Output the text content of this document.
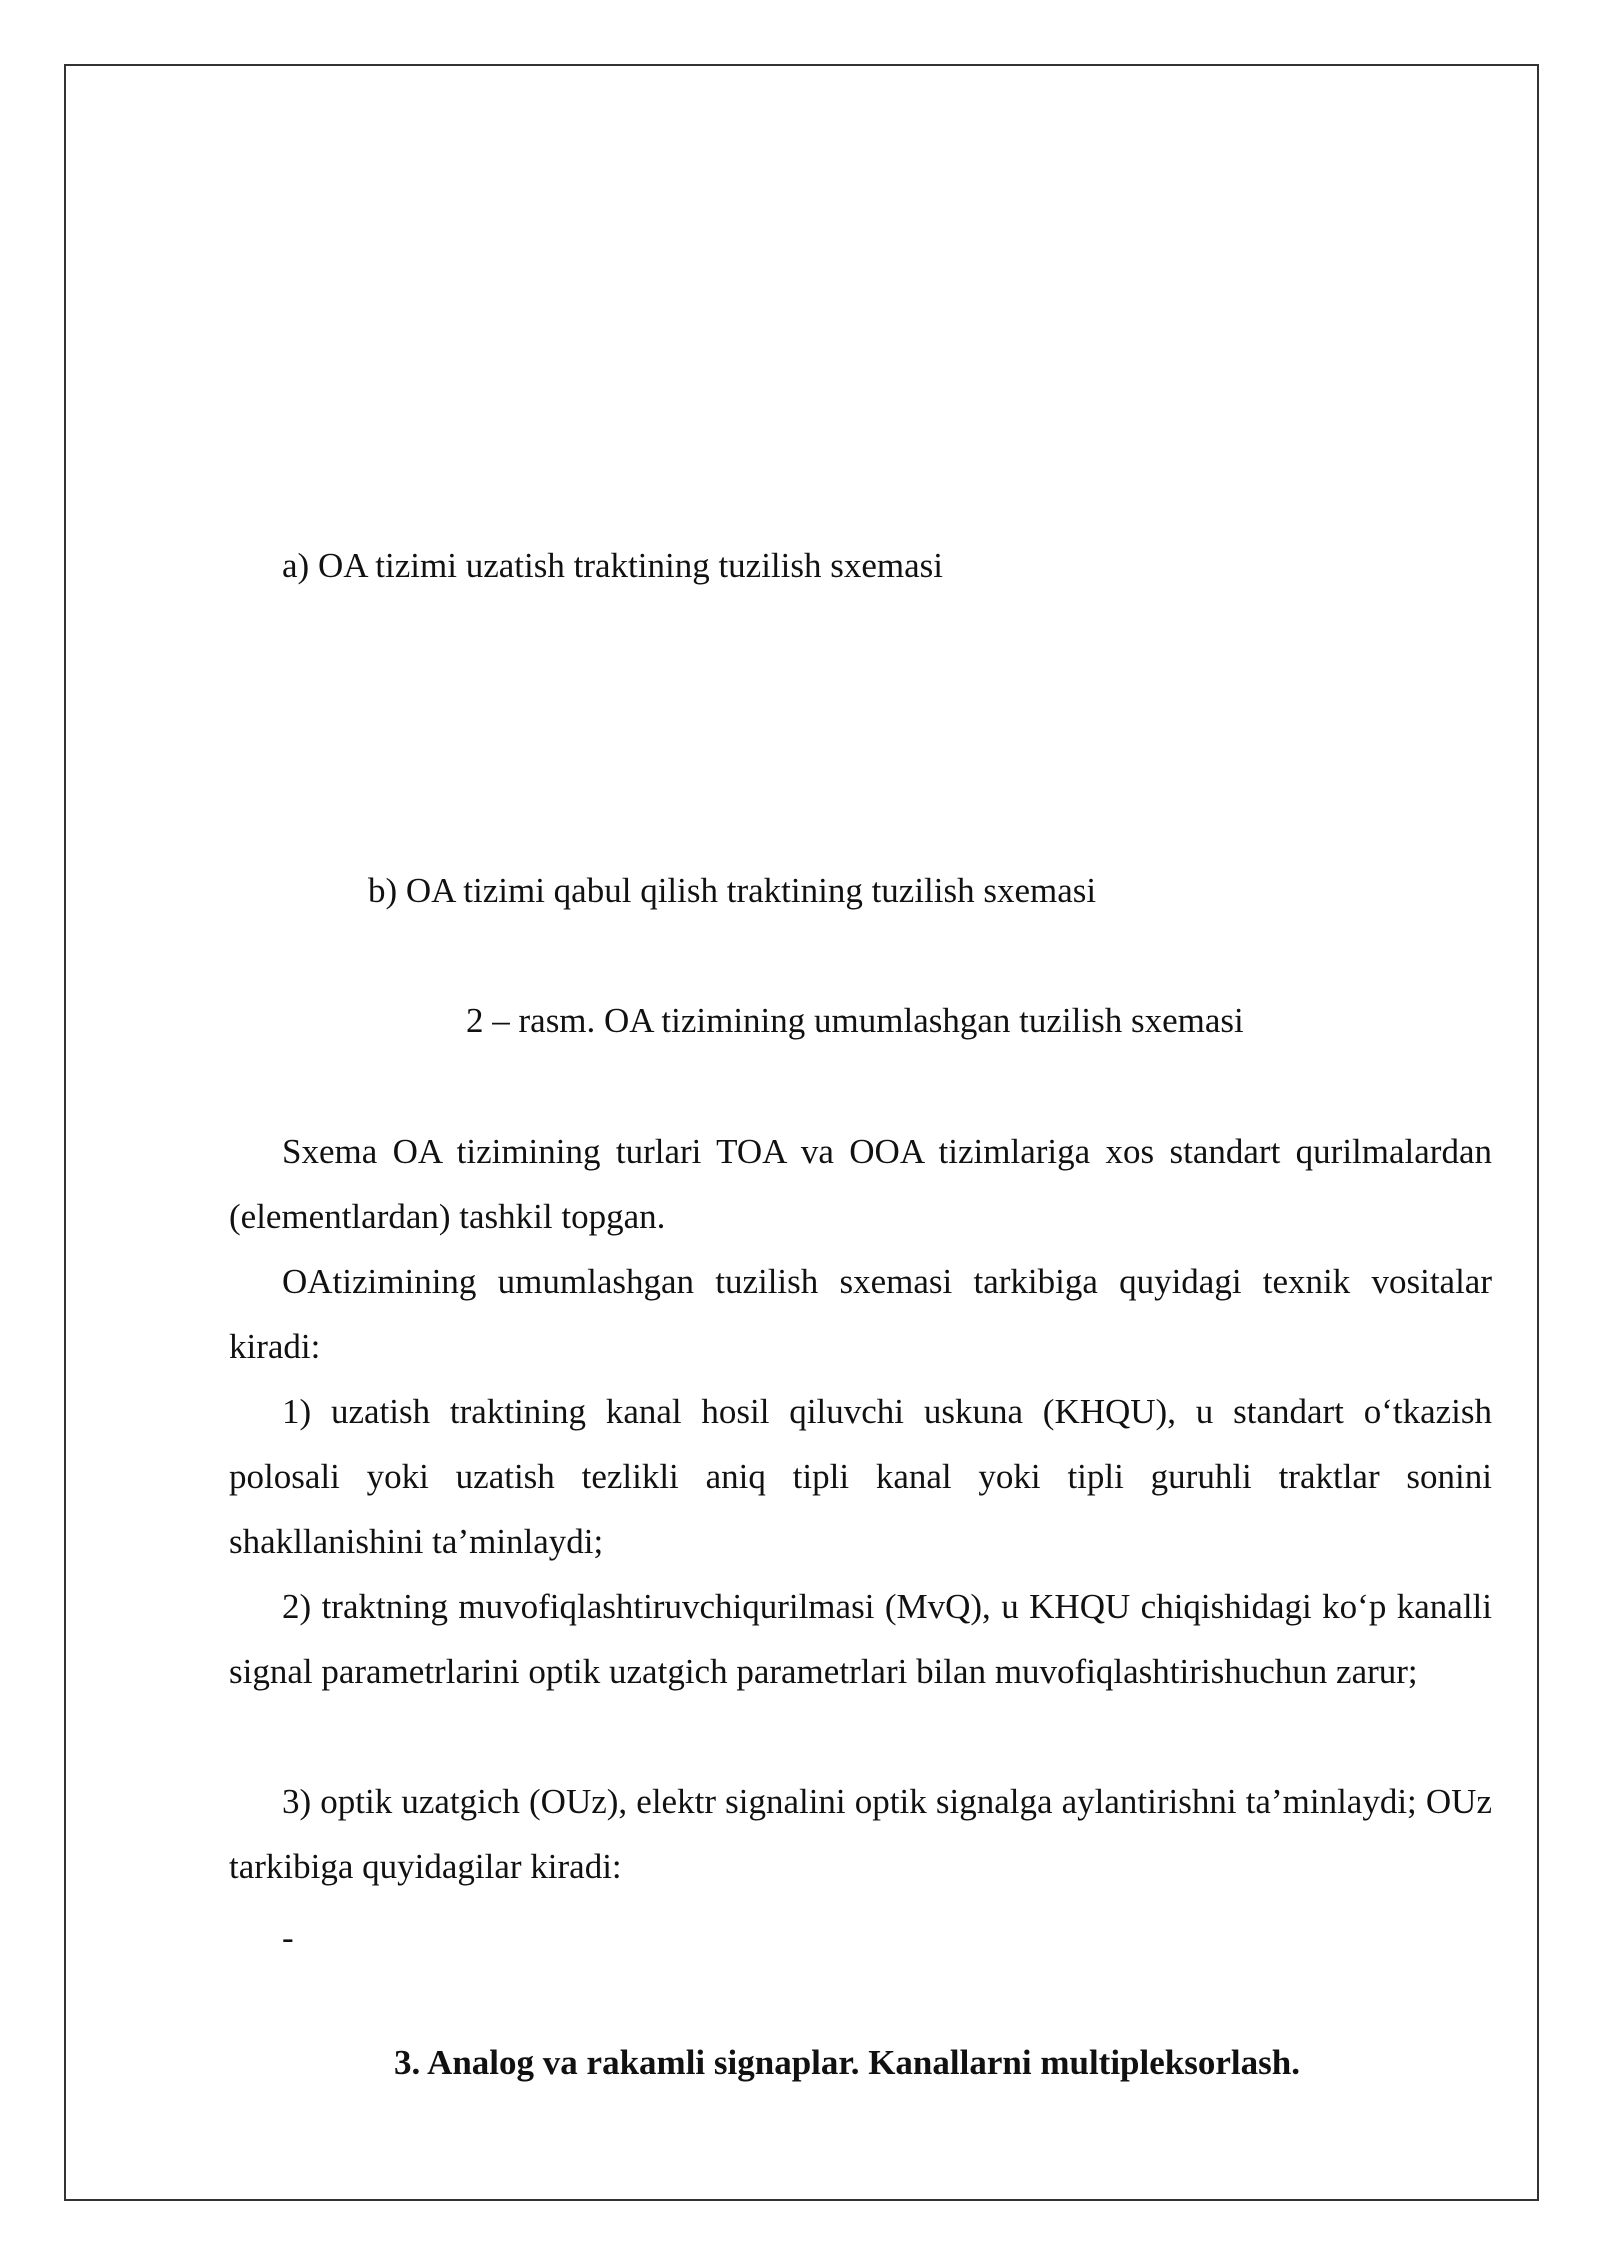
a) OA tizimi uzatish traktining tuzilish sxemasi
b) OA tizimi qabul qilish traktining tuzilish sxemasi
2 – rasm. OA tizimining umumlashgan tuzilish sxemasi
Sxema OA tizimining turlari TOA va OOA tizimlariga xos standart qurilmalardan (elementlardan) tashkil topgan.
OAtizimining umumlashgan tuzilish sxemasi tarkibiga quyidagi texnik vositalar kiradi:
1) uzatish traktining kanal hosil qiluvchi uskuna (KHQU), u standart o‘tkazish polosali yoki uzatish tezlikli aniq tipli kanal yoki tipli guruhli traktlar sonini shakllanishini ta’minlaydi;
2) traktning muvofiqlashtiruvchiqurilmasi (MvQ), u KHQU chiqishidagi ko‘p kanalli signal parametrlarini optik uzatgich parametrlari bilan muvofiqlashtirishuchun zarur;
3) optik uzatgich (OUz), elektr signalini optik signalga aylantirishni ta’minlaydi; OUz tarkibiga quyidagilar kiradi:
-
3. Analog va rakamli signaplar. Kanallarni multipleksorlash.
